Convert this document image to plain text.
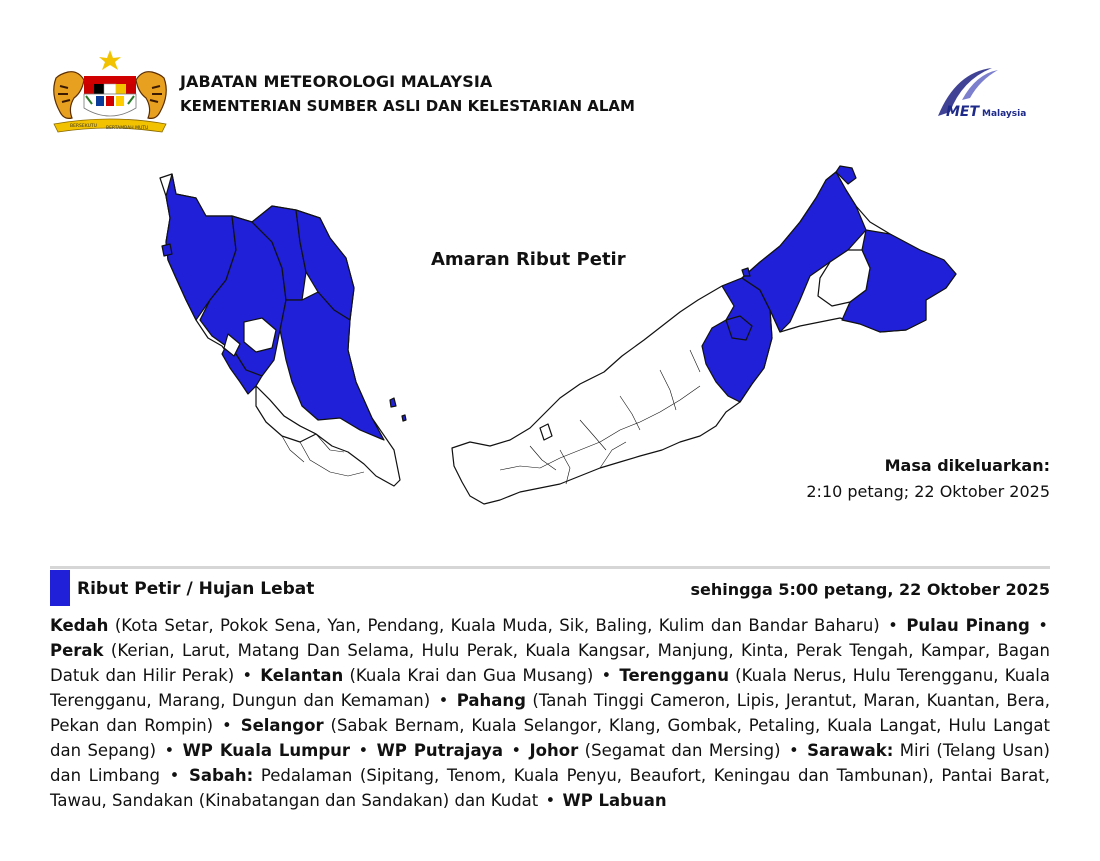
BERSEKUTU BERTAMBAH MUTU
JABATAN METEOROLOGI MALAYSIA
KEMENTERIAN SUMBER ASLI DAN KELESTARIAN ALAM	MET Malaysia
Amaran Ribut Petir
Masa dikeluarkan:
2:10 petang; 22 Oktober 2025
Ribut Petir / Hujan Lebat	sehingga 5:00 petang, 22 Oktober 2025
Kedah (Kota Setar, Pokok Sena, Yan, Pendang, Kuala Muda, Sik, Baling, Kulim dan Bandar Baharu) • Pulau Pinang • Perak (Kerian, Larut, Matang Dan Selama, Hulu Perak, Kuala Kangsar, Manjung, Kinta, Perak Tengah, Kampar, Bagan Datuk dan Hilir Perak) • Kelantan (Kuala Krai dan Gua Musang) • Terengganu (Kuala Nerus, Hulu Terengganu, Kuala Terengganu, Marang, Dungun dan Kemaman) • Pahang (Tanah Tinggi Cameron, Lipis, Jerantut, Maran, Kuantan, Bera, Pekan dan Rompin) • Selangor (Sabak Bernam, Kuala Selangor, Klang, Gombak, Petaling, Kuala Langat, Hulu Langat dan Sepang) • WP Kuala Lumpur • WP Putrajaya • Johor (Segamat dan Mersing) • Sarawak: Miri (Telang Usan) dan Limbang • Sabah: Pedalaman (Sipitang, Tenom, Kuala Penyu, Beaufort, Keningau dan Tambunan), Pantai Barat, Tawau, Sandakan (Kinabatangan dan Sandakan) dan Kudat • WP Labuan
